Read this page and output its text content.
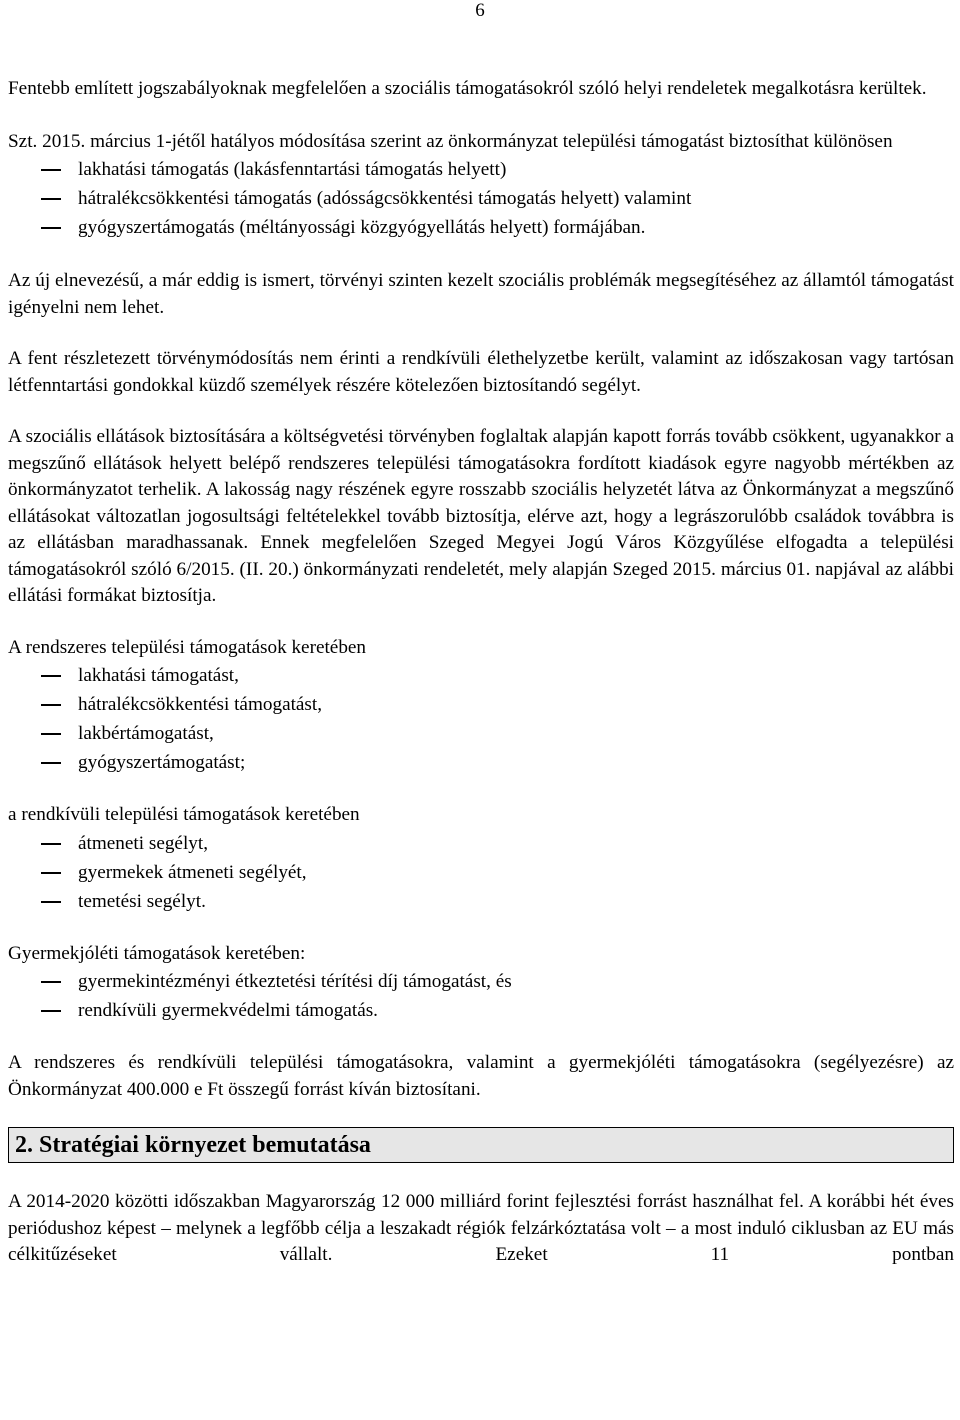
6

Fentebb említett jogszabályoknak megfelelően a szociális támogatásokról szóló helyi rendeletek megalkotásra kerültek.

Szt. 2015. március 1-jétől hatályos módosítása szerint az önkormányzat települési támogatást biztosíthat különösen

lakhatási támogatás (lakásfenntartási támogatás helyett)
hátralékcsökkentési támogatás (adósságcsökkentési támogatás helyett) valamint
gyógyszertámogatás (méltányossági közgyógyellátás helyett) formájában.

Az új elnevezésű, a már eddig is ismert, törvényi szinten kezelt szociális problémák megsegítéséhez az államtól támogatást igényelni nem lehet.

A fent részletezett törvénymódosítás nem érinti a rendkívüli élethelyzetbe került, valamint az időszakosan vagy tartósan létfenntartási gondokkal küzdő személyek részére kötelezően biztosítandó segélyt.

A szociális ellátások biztosítására a költségvetési törvényben foglaltak alapján kapott forrás tovább csökkent, ugyanakkor a megszűnő ellátások helyett belépő rendszeres települési támogatásokra fordított kiadások egyre nagyobb mértékben az önkormányzatot terhelik. A lakosság nagy részének egyre rosszabb szociális helyzetét látva az Önkormányzat a megszűnő ellátásokat változatlan jogosultsági feltételekkel tovább biztosítja, elérve azt, hogy a legrászorulóbb családok továbbra is az ellátásban maradhassanak. Ennek megfelelően Szeged Megyei Jogú Város Közgyűlése elfogadta a települési támogatásokról szóló 6/2015. (II. 20.) önkormányzati rendeletét, mely alapján Szeged 2015. március 01. napjával az alábbi ellátási formákat biztosítja.

A rendszeres települési támogatások keretében

lakhatási támogatást,
hátralékcsökkentési támogatást,
lakbértámogatást,
gyógyszertámogatást;

a rendkívüli települési támogatások keretében

átmeneti segélyt,
gyermekek átmeneti segélyét,
temetési segélyt.

Gyermekjóléti támogatások keretében:

gyermekintézményi étkeztetési térítési díj támogatást, és
rendkívüli gyermekvédelmi támogatás.

A rendszeres és rendkívüli települési támogatásokra, valamint a gyermekjóléti támogatásokra (segélyezésre) az Önkormányzat 400.000 e Ft összegű forrást kíván biztosítani.

2. Stratégiai környezet bemutatása

A 2014-2020 közötti időszakban Magyarország 12 000 milliárd forint fejlesztési forrást használhat fel. A korábbi hét éves periódushoz képest – melynek a legfőbb célja a leszakadt régiók felzárkóztatása volt – a most induló ciklusban az EU más célkitűzéseket vállalt. Ezeket 11 pontban
